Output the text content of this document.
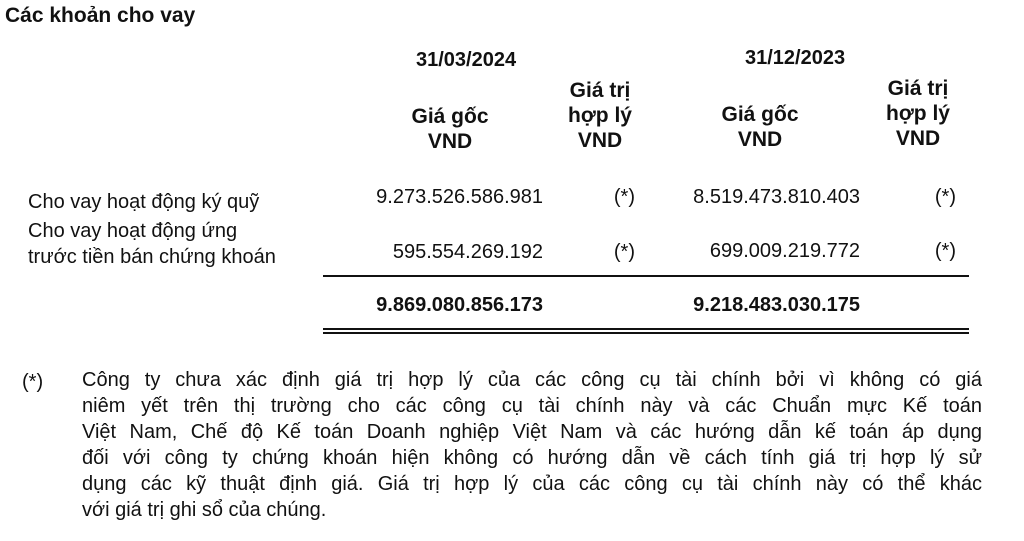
Các khoản cho vay
31/03/2024	31/12/2023
Giá gốc
VND
Giá trị
hợp lý
VND
Giá gốc
VND
Giá trị
hợp lý
VND
Cho vay hoạt động ký quỹ	9.273.526.586.981	(*)	8.519.473.810.403	(*)
Cho vay hoạt động ứng
trước tiền bán chứng khoán	595.554.269.192	(*)	699.009.219.772	(*)
9.869.080.856.173	9.218.483.030.175
(*) Công ty chưa xác định giá trị hợp lý của các công cụ tài chính bởi vì không có giá
niêm yết trên thị trường cho các công cụ tài chính này và các Chuẩn mực Kế toán
Việt Nam, Chế độ Kế toán Doanh nghiệp Việt Nam và các hướng dẫn kế toán áp dụng
đối với công ty chứng khoán hiện không có hướng dẫn về cách tính giá trị hợp lý sử
dụng các kỹ thuật định giá. Giá trị hợp lý của các công cụ tài chính này có thể khác
với giá trị ghi sổ của chúng.
